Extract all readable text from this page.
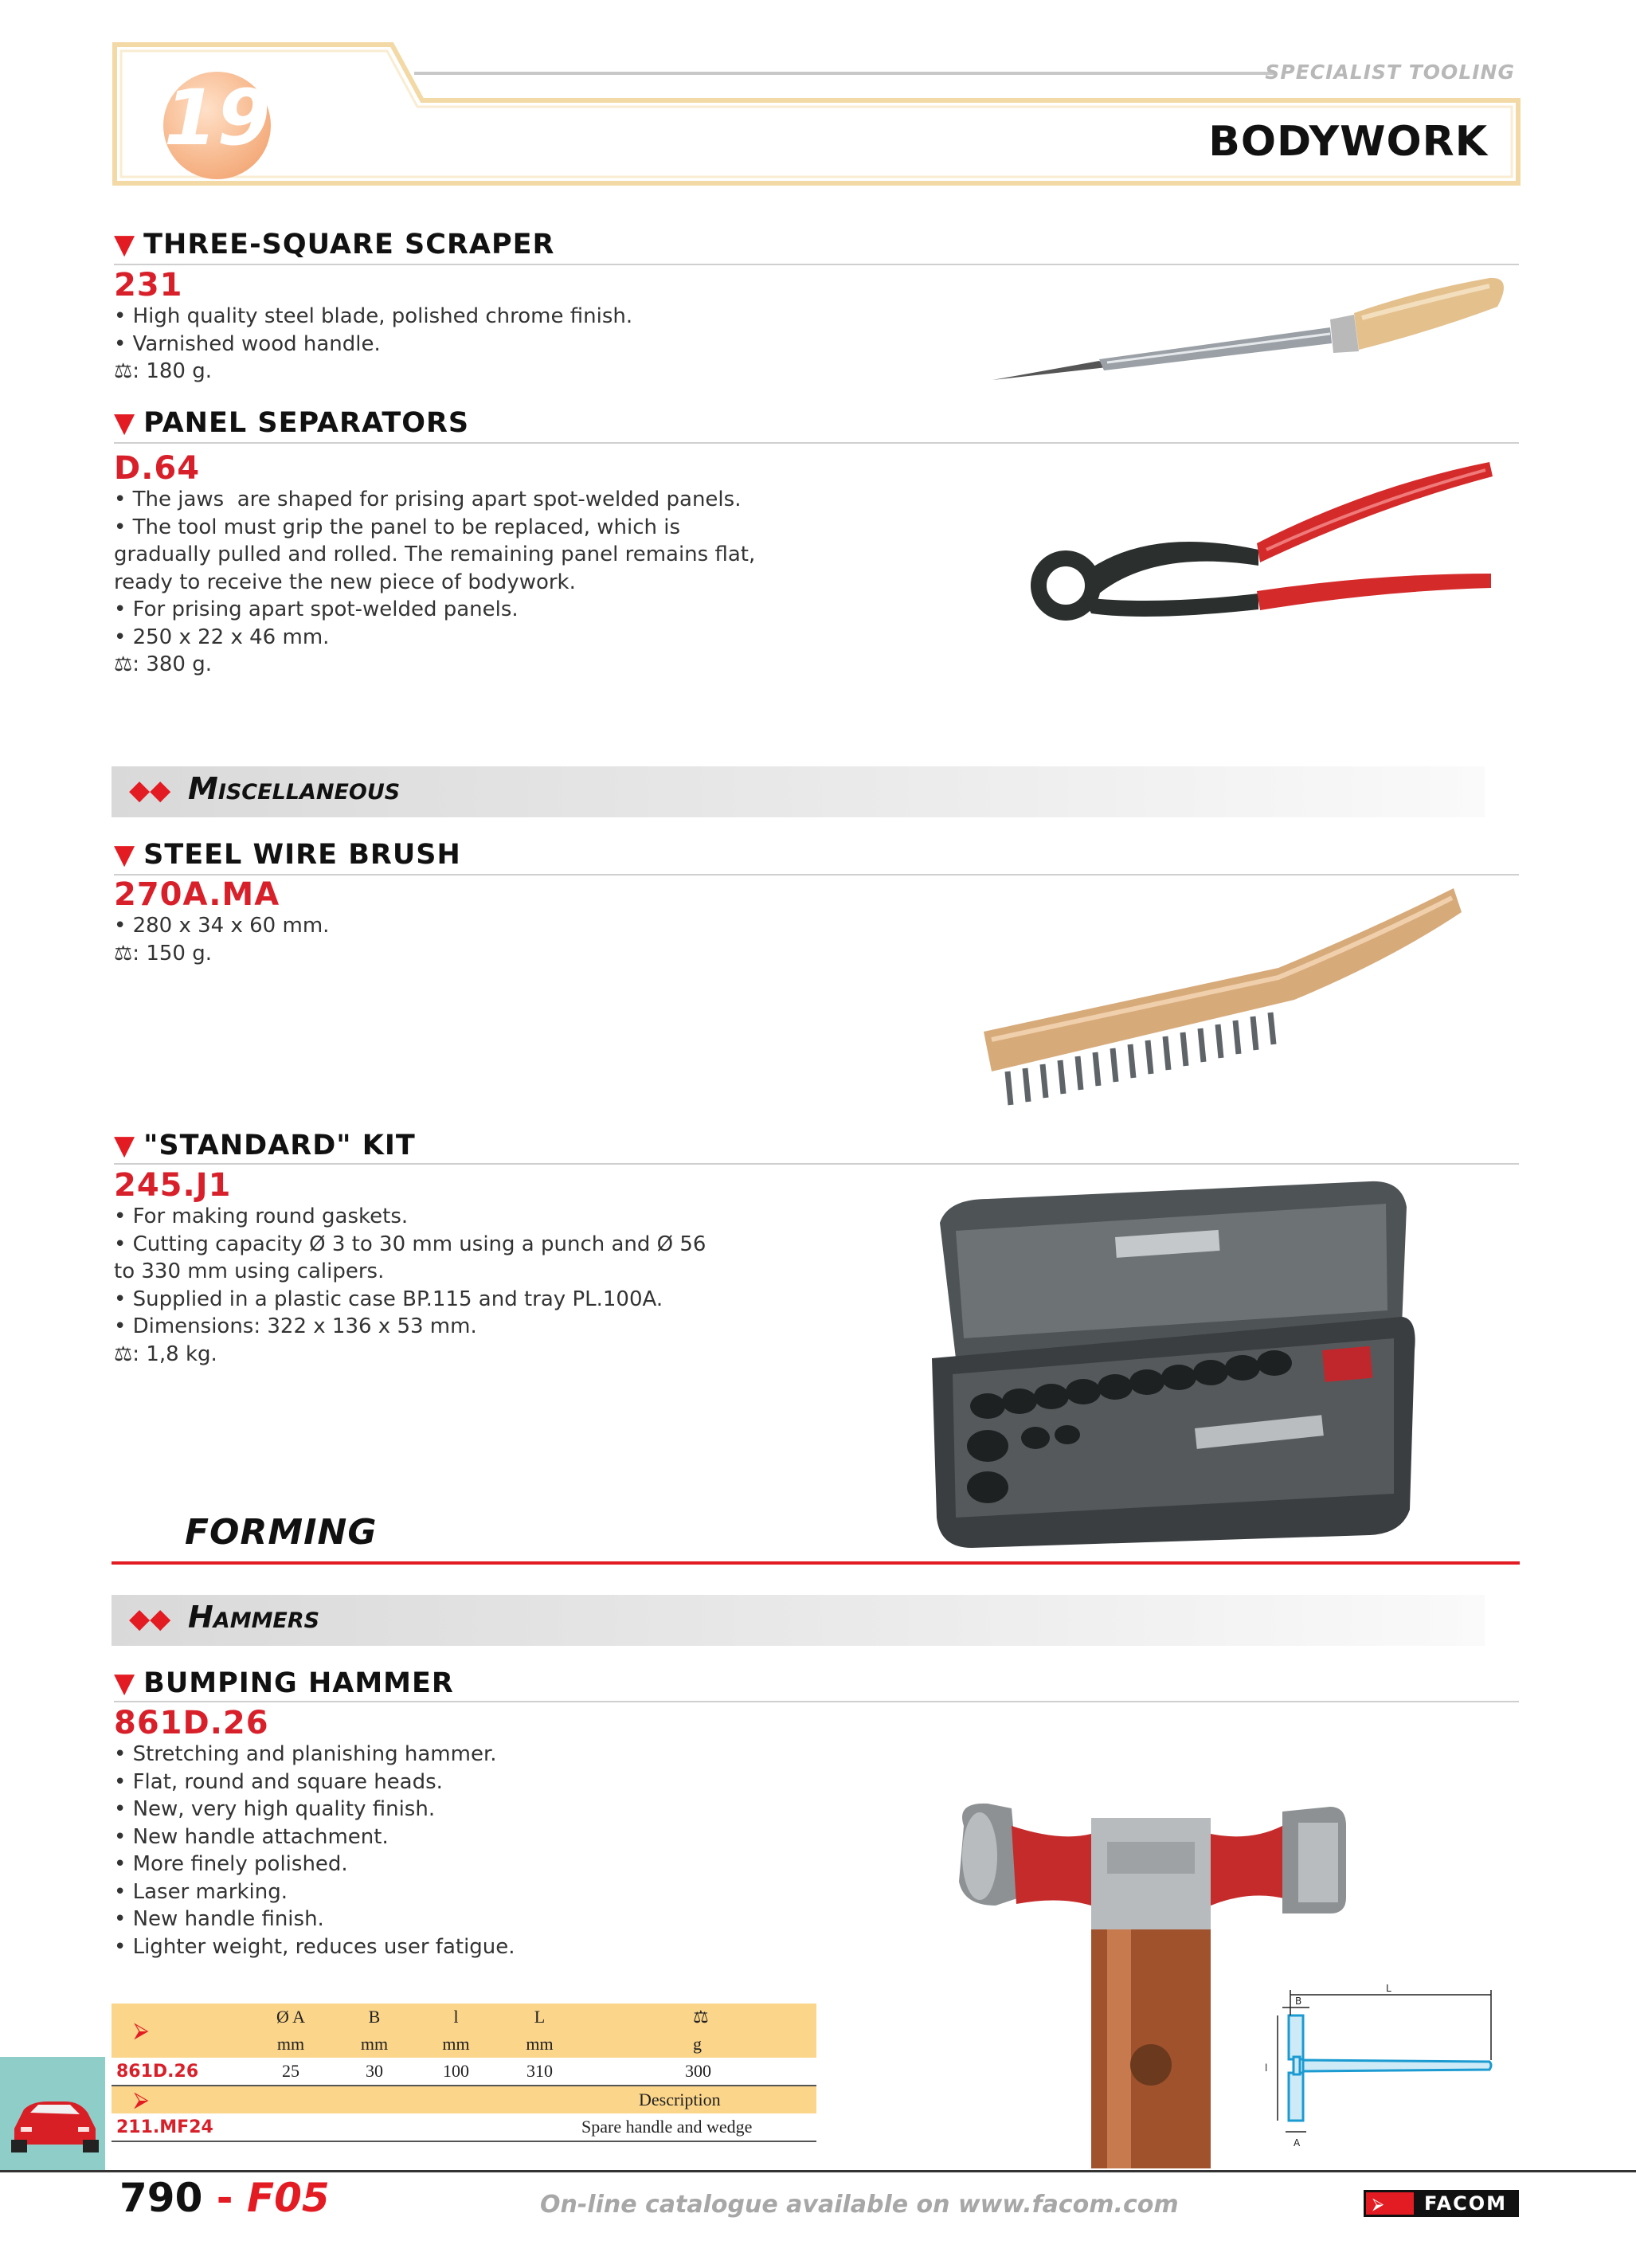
19
SPECIALIST TOOLING
BODYWORK
▼ THREE-SQUARE SCRAPER
231
• High quality steel blade, polished chrome finish.
• Varnished wood handle.
⚖: 180 g.
▼ PANEL SEPARATORS
D.64
• The jaws  are shaped for prising apart spot-welded panels.
• The tool must grip the panel to be replaced, which is
gradually pulled and rolled. The remaining panel remains flat,
ready to receive the new piece of bodywork.
• For prising apart spot-welded panels.
• 250 x 22 x 46 mm.
⚖: 380 g.
◆◆ Miscellaneous
▼ STEEL WIRE BRUSH
270A.MA
• 280 x 34 x 60 mm.
⚖: 150 g.
▼ "STANDARD" KIT
245.J1
• For making round gaskets.
• Cutting capacity Ø 3 to 30 mm using a punch and Ø 56
to 330 mm using calipers.
• Supplied in a plastic case BP.115 and tray PL.100A.
• Dimensions: 322 x 136 x 53 mm.
⚖: 1,8 kg.
FORMING
◆◆ Hammers
▼ BUMPING HAMMER
861D.26
• Stretching and planishing hammer.
• Flat, round and square heads.
• New, very high quality finish.
• New handle attachment.
• More finely polished.
• Laser marking.
• New handle finish.
• Lighter weight, reduces user fatigue.
L
B
l
A
⮚	Ø A	B	l	L	⚖
	mm	mm	mm	mm	g
861D.26	25	30	100	310	300
⮚	Description				
211.MF24	Spare handle and wedge				
790 - F05	On-line catalogue available on www.facom.com	⮚	FACOM
